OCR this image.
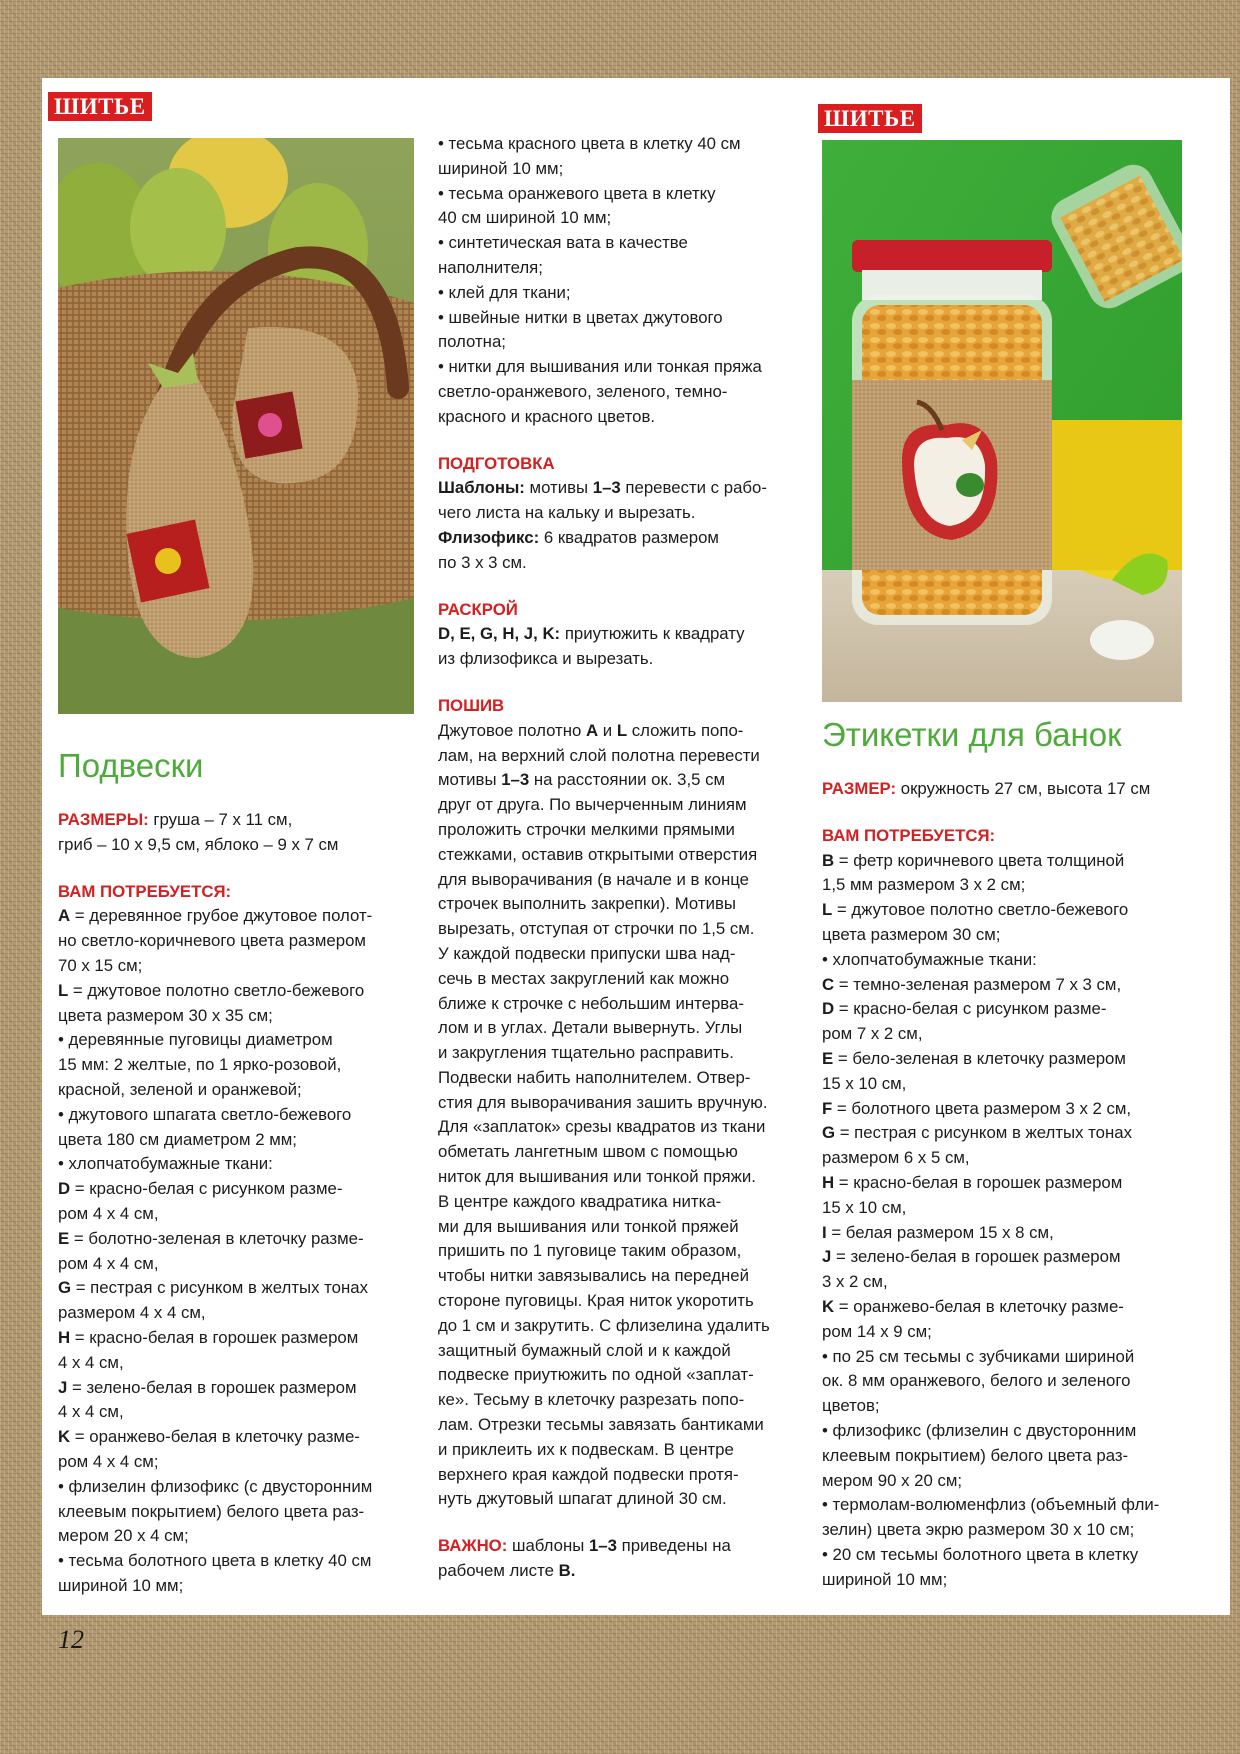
ШИТЬЕ

Подвески

РАЗМЕРЫ: груша – 7 х 11 см,

гриб – 10 х 9,5 см, яблоко – 9 х 7 см

ВАМ ПОТРЕБУЕТСЯ:

A = деревянное грубое джутовое полот-

но светло-коричневого цвета размером

70 х 15 см;

L = джутовое полотно светло-бежевого

цвета размером 30 х 35 см;

• деревянные пуговицы диаметром

15 мм: 2 желтые, по 1 ярко-розовой,

красной, зеленой и оранжевой;

• джутового шпагата светло-бежевого

цвета 180 см диаметром 2 мм;

• хлопчатобумажные ткани:

D = красно-белая с рисунком разме-

ром 4 х 4 см,

E = болотно-зеленая в клеточку разме-

ром 4 х 4 см,

G = пестрая с рисунком в желтых тонах

размером 4 х 4 см,

H = красно-белая в горошек размером

4 х 4 см,

J = зелено-белая в горошек размером

4 х 4 см,

K = оранжево-белая в клеточку разме-

ром 4 х 4 см;

• флизелин флизофикс (с двусторонним

клеевым покрытием) белого цвета раз-

мером 20 х 4 см;

• тесьма болотного цвета в клетку 40 см

шириной 10 мм;

• тесьма красного цвета в клетку 40 см

шириной 10 мм;

• тесьма оранжевого цвета в клетку

40 см шириной 10 мм;

• синтетическая вата в качестве

наполнителя;

• клей для ткани;

• швейные нитки в цветах джутового

полотна;

• нитки для вышивания или тонкая пряжа

светло-оранжевого, зеленого, темно-

красного и красного цветов.

ПОДГОТОВКА

Шаблоны: мотивы 1–3 перевести с рабо-

чего листа на кальку и вырезать.

Флизофикс: 6 квадратов размером

по 3 х 3 см.

РАСКРОЙ

D, E, G, H, J, K: приутюжить к квадрату

из флизофикса и вырезать.

ПОШИВ

Джутовое полотно A и L сложить попо-

лам, на верхний слой полотна перевести

мотивы 1–3 на расстоянии ок. 3,5 см

друг от друга. По вычерченным линиям

проложить строчки мелкими прямыми

стежками, оставив открытыми отверстия

для выворачивания (в начале и в конце

строчек выполнить закрепки). Мотивы

вырезать, отступая от строчки по 1,5 см.

У каждой подвески припуски шва над-

сечь в местах закруглений как можно

ближе к строчке с небольшим интерва-

лом и в углах. Детали вывернуть. Углы

и закругления тщательно расправить.

Подвески набить наполнителем. Отвер-

стия для выворачивания зашить вручную.

Для «заплаток» срезы квадратов из ткани

обметать лангетным швом с помощью

ниток для вышивания или тонкой пряжи.

В центре каждого квадратика нитка-

ми для вышивания или тонкой пряжей

пришить по 1 пуговице таким образом,

чтобы нитки завязывались на передней

стороне пуговицы. Края ниток укоротить

до 1 см и закрутить. С флизелина удалить

защитный бумажный слой и к каждой

подвеске приутюжить по одной «заплат-

ке». Тесьму в клеточку разрезать попо-

лам. Отрезки тесьмы завязать бантиками

и приклеить их к подвескам. В центре

верхнего края каждой подвески протя-

нуть джутовый шпагат длиной 30 см.

ВАЖНО: шаблоны 1–3 приведены на

рабочем листе В.

ШИТЬЕ

Этикетки для банок

РАЗМЕР: окружность 27 см, высота 17 см

ВАМ ПОТРЕБУЕТСЯ:

B = фетр коричневого цвета толщиной

1,5 мм размером 3 х 2 см;

L = джутовое полотно светло-бежевого

цвета размером 30 см;

• хлопчатобумажные ткани:

C = темно-зеленая размером 7 х 3 см,

D = красно-белая с рисунком разме-

ром 7 х 2 см,

E = бело-зеленая в клеточку размером

15 х 10 см,

F = болотного цвета размером 3 х 2 см,

G = пестрая с рисунком в желтых тонах

размером 6 х 5 см,

H = красно-белая в горошек размером

15 х 10 см,

I = белая размером 15 х 8 см,

J = зелено-белая в горошек размером

3 х 2 см,

K = оранжево-белая в клеточку разме-

ром 14 х 9 см;

• по 25 см тесьмы с зубчиками шириной

ок. 8 мм оранжевого, белого и зеленого

цветов;

• флизофикс (флизелин с двусторонним

клеевым покрытием) белого цвета раз-

мером 90 х 20 см;

• термолам-волюменфлиз (объемный фли-

зелин) цвета экрю размером 30 х 10 см;

• 20 см тесьмы болотного цвета в клетку

шириной 10 мм;

12
